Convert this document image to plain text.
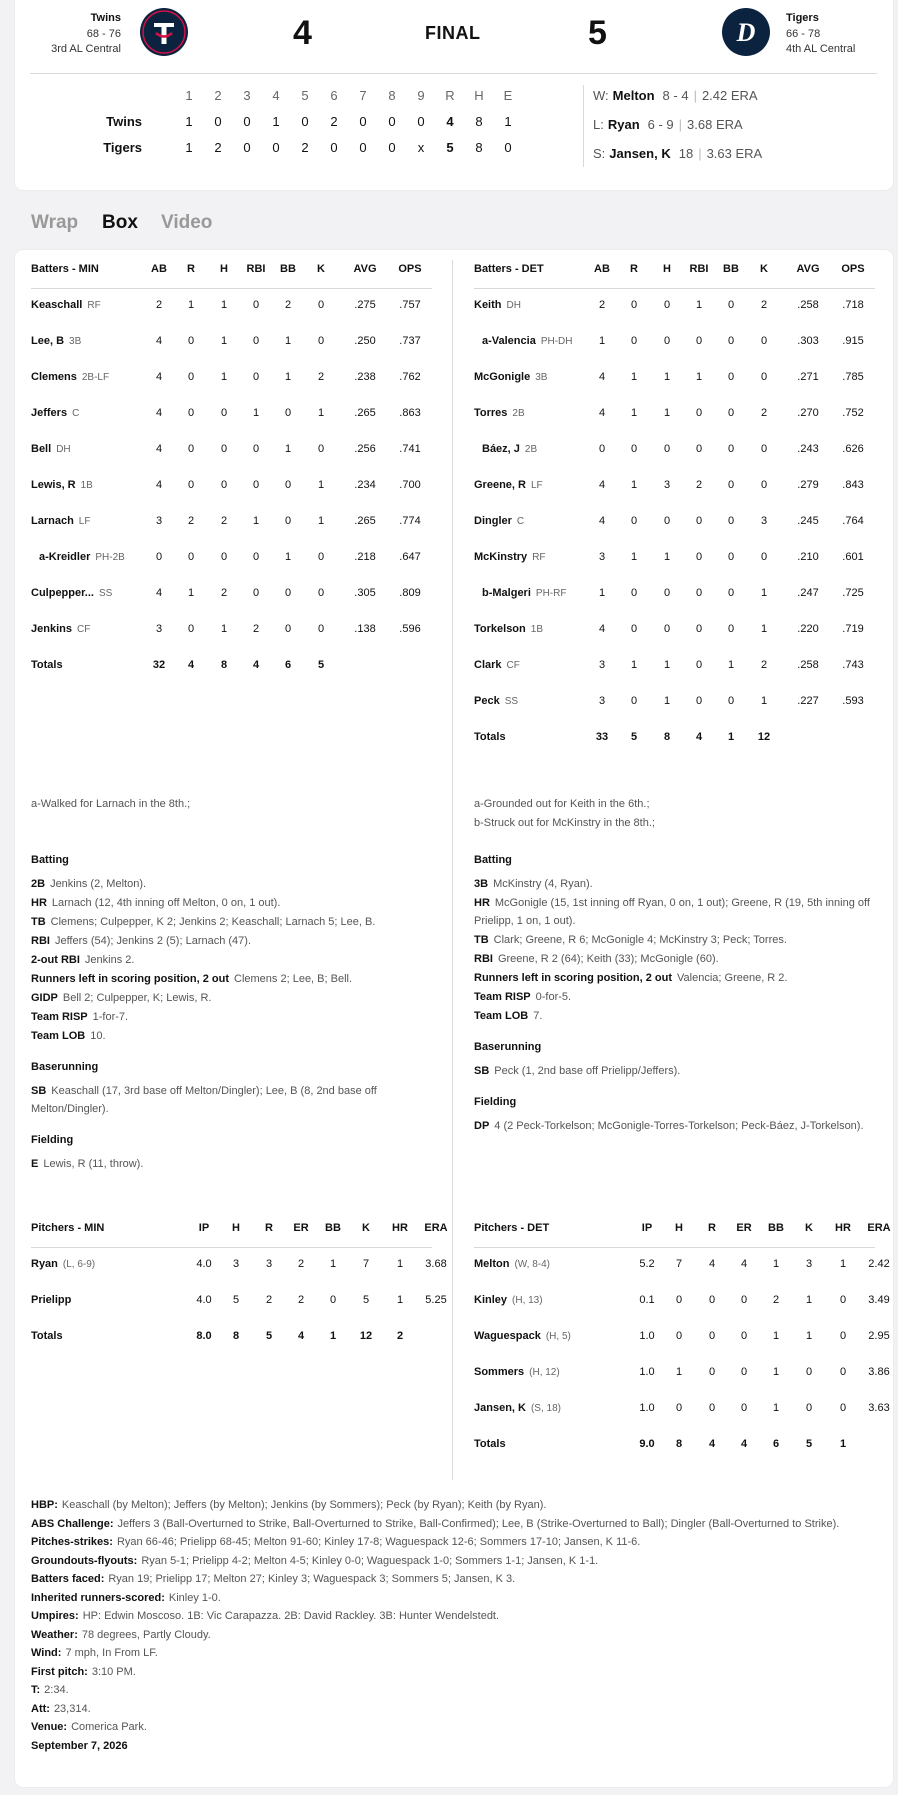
Twins
68 - 76
3rd AL Central	4	FINAL	5	D	Tigers
66 - 78
4th AL Central
1	2	3	4	5	6	7	8	9	R	H	E
Twins	1	0	0	1	0	2	0	0	0	4	8	1
Tigers	1	2	0	0	2	0	0	0	x	5	8	0
W: Melton 8 - 4 | 2.42 ERA
L: Ryan 6 - 9 | 3.68 ERA
S: Jansen, K 18 | 3.63 ERA
Wrap Box Video
Batters - MIN	AB	R	H	RBI	BB	K	AVG	OPS
Keaschall RF	2	1	1	0	2	0	.275	.757
Lee, B 3B	4	0	1	0	1	0	.250	.737
Clemens 2B-LF	4	0	1	0	1	2	.238	.762
Jeffers C	4	0	0	1	0	1	.265	.863
Bell DH	4	0	0	0	1	0	.256	.741
Lewis, R 1B	4	0	0	0	0	1	.234	.700
Larnach LF	3	2	2	1	0	1	.265	.774
a-Kreidler PH-2B	0	0	0	0	1	0	.218	.647
Culpepper... SS	4	1	2	0	0	0	.305	.809
Jenkins CF	3	0	1	2	0	0	.138	.596
Totals	32	4	8	4	6	5
Batters - DET	AB	R	H	RBI	BB	K	AVG	OPS
Keith DH	2	0	0	1	0	2	.258	.718
a-Valencia PH-DH	1	0	0	0	0	0	.303	.915
McGonigle 3B	4	1	1	1	0	0	.271	.785
Torres 2B	4	1	1	0	0	2	.270	.752
Báez, J 2B	0	0	0	0	0	0	.243	.626
Greene, R LF	4	1	3	2	0	0	.279	.843
Dingler C	4	0	0	0	0	3	.245	.764
McKinstry RF	3	1	1	0	0	0	.210	.601
b-Malgeri PH-RF	1	0	0	0	0	1	.247	.725
Torkelson 1B	4	0	0	0	0	1	.220	.719
Clark CF	3	1	1	0	1	2	.258	.743
Peck SS	3	0	1	0	0	1	.227	.593
Totals	33	5	8	4	1	12

a-Walked for Larnach in the 8th.;

Batting

2B Jenkins (2, Melton).

HR Larnach (12, 4th inning off Melton, 0 on, 1 out).

TB Clemens; Culpepper, K 2; Jenkins 2; Keaschall; Larnach 5; Lee, B.

RBI Jeffers (54); Jenkins 2 (5); Larnach (47).

2-out RBI Jenkins 2.

Runners left in scoring position, 2 out Clemens 2; Lee, B; Bell.

GIDP Bell 2; Culpepper, K; Lewis, R.

Team RISP 1-for-7.

Team LOB 10.

Baserunning

SB Keaschall (17, 3rd base off Melton/Dingler); Lee, B (8, 2nd base off Melton/Dingler).

Fielding

E Lewis, R (11, throw).

a-Grounded out for Keith in the 6th.;

b-Struck out for McKinstry in the 8th.;

Batting

3B McKinstry (4, Ryan).

HR McGonigle (15, 1st inning off Ryan, 0 on, 1 out); Greene, R (19, 5th inning off Prielipp, 1 on, 1 out).

TB Clark; Greene, R 6; McGonigle 4; McKinstry 3; Peck; Torres.

RBI Greene, R 2 (64); Keith (33); McGonigle (60).

Runners left in scoring position, 2 out Valencia; Greene, R 2.

Team RISP 0-for-5.

Team LOB 7.

Baserunning

SB Peck (1, 2nd base off Prielipp/Jeffers).

Fielding

DP 4 (2 Peck-Torkelson; McGonigle-Torres-Torkelson; Peck-Báez, J-Torkelson).

Pitchers - MIN	IP	H	R	ER	BB	K	HR	ERA
Ryan (L, 6-9)	4.0	3	3	2	1	7	1	3.68
Prielipp	4.0	5	2	2	0	5	1	5.25
Totals	8.0	8	5	4	1	12	2
Pitchers - DET	IP	H	R	ER	BB	K	HR	ERA
Melton (W, 8-4)	5.2	7	4	4	1	3	1	2.42
Kinley (H, 13)	0.1	0	0	0	2	1	0	3.49
Waguespack (H, 5)	1.0	0	0	0	1	1	0	2.95
Sommers (H, 12)	1.0	1	0	0	1	0	0	3.86
Jansen, K (S, 18)	1.0	0	0	0	1	0	0	3.63
Totals	9.0	8	4	4	6	5	1

HBP: Keaschall (by Melton); Jeffers (by Melton); Jenkins (by Sommers); Peck (by Ryan); Keith (by Ryan).

ABS Challenge: Jeffers 3 (Ball-Overturned to Strike, Ball-Overturned to Strike, Ball-Confirmed); Lee, B (Strike-Overturned to Ball); Dingler (Ball-Overturned to Strike).

Pitches-strikes: Ryan 66-46; Prielipp 68-45; Melton 91-60; Kinley 17-8; Waguespack 12-6; Sommers 17-10; Jansen, K 11-6.

Groundouts-flyouts: Ryan 5-1; Prielipp 4-2; Melton 4-5; Kinley 0-0; Waguespack 1-0; Sommers 1-1; Jansen, K 1-1.

Batters faced: Ryan 19; Prielipp 17; Melton 27; Kinley 3; Waguespack 3; Sommers 5; Jansen, K 3.

Inherited runners-scored: Kinley 1-0.

Umpires: HP: Edwin Moscoso. 1B: Vic Carapazza. 2B: David Rackley. 3B: Hunter Wendelstedt.

Weather: 78 degrees, Partly Cloudy.

Wind: 7 mph, In From LF.

First pitch: 3:10 PM.

T: 2:34.

Att: 23,314.

Venue: Comerica Park.

September 7, 2026
